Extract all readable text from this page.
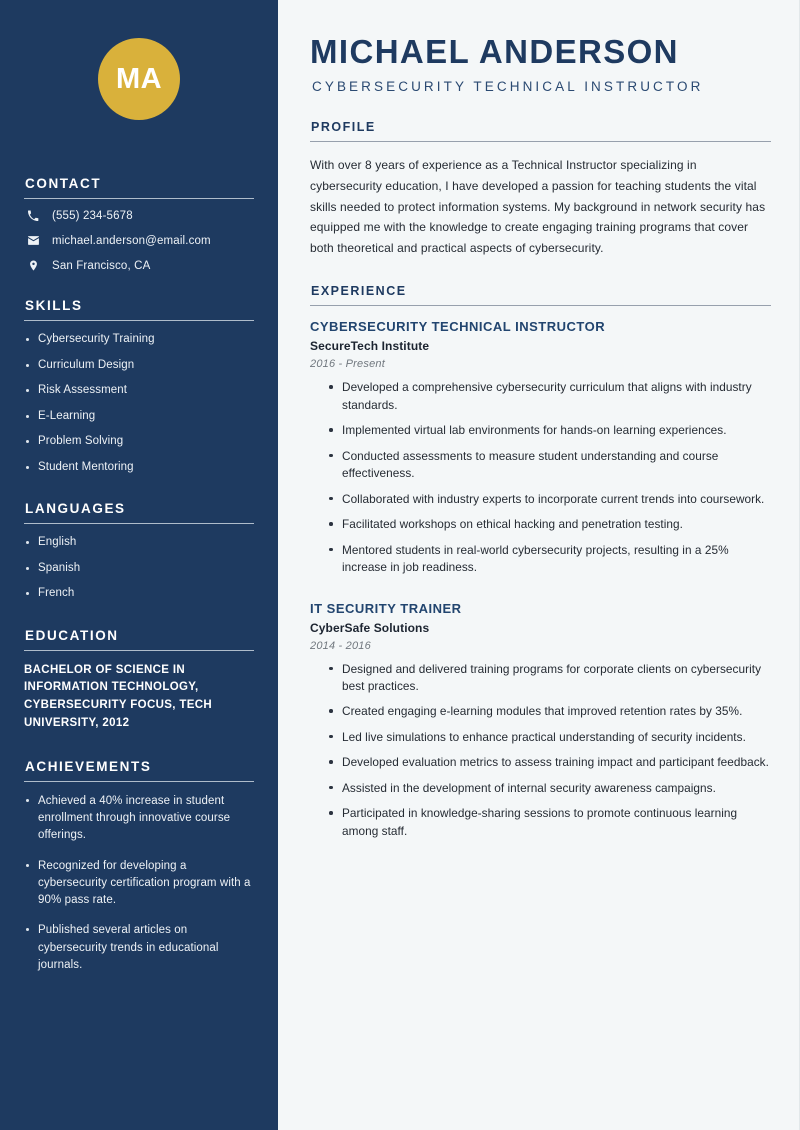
MA
CONTACT
(555) 234-5678
michael.anderson@email.com
San Francisco, CA
SKILLS
Cybersecurity Training
Curriculum Design
Risk Assessment
E-Learning
Problem Solving
Student Mentoring
LANGUAGES
English
Spanish
French
EDUCATION
BACHELOR OF SCIENCE IN INFORMATION TECHNOLOGY, CYBERSECURITY FOCUS, TECH UNIVERSITY, 2012
ACHIEVEMENTS
Achieved a 40% increase in student enrollment through innovative course offerings.
Recognized for developing a cybersecurity certification program with a 90% pass rate.
Published several articles on cybersecurity trends in educational journals.
MICHAEL ANDERSON
CYBERSECURITY TECHNICAL INSTRUCTOR
PROFILE

With over 8 years of experience as a Technical Instructor specializing in cybersecurity education, I have developed a passion for teaching students the vital skills needed to protect information systems. My background in network security has equipped me with the knowledge to create engaging training programs that cover both theoretical and practical aspects of cybersecurity.

EXPERIENCE
CYBERSECURITY TECHNICAL INSTRUCTOR
SecureTech Institute
2016 - Present
Developed a comprehensive cybersecurity curriculum that aligns with industry standards.
Implemented virtual lab environments for hands-on learning experiences.
Conducted assessments to measure student understanding and course effectiveness.
Collaborated with industry experts to incorporate current trends into coursework.
Facilitated workshops on ethical hacking and penetration testing.
Mentored students in real-world cybersecurity projects, resulting in a 25% increase in job readiness.
IT SECURITY TRAINER
CyberSafe Solutions
2014 - 2016
Designed and delivered training programs for corporate clients on cybersecurity best practices.
Created engaging e-learning modules that improved retention rates by 35%.
Led live simulations to enhance practical understanding of security incidents.
Developed evaluation metrics to assess training impact and participant feedback.
Assisted in the development of internal security awareness campaigns.
Participated in knowledge-sharing sessions to promote continuous learning among staff.
